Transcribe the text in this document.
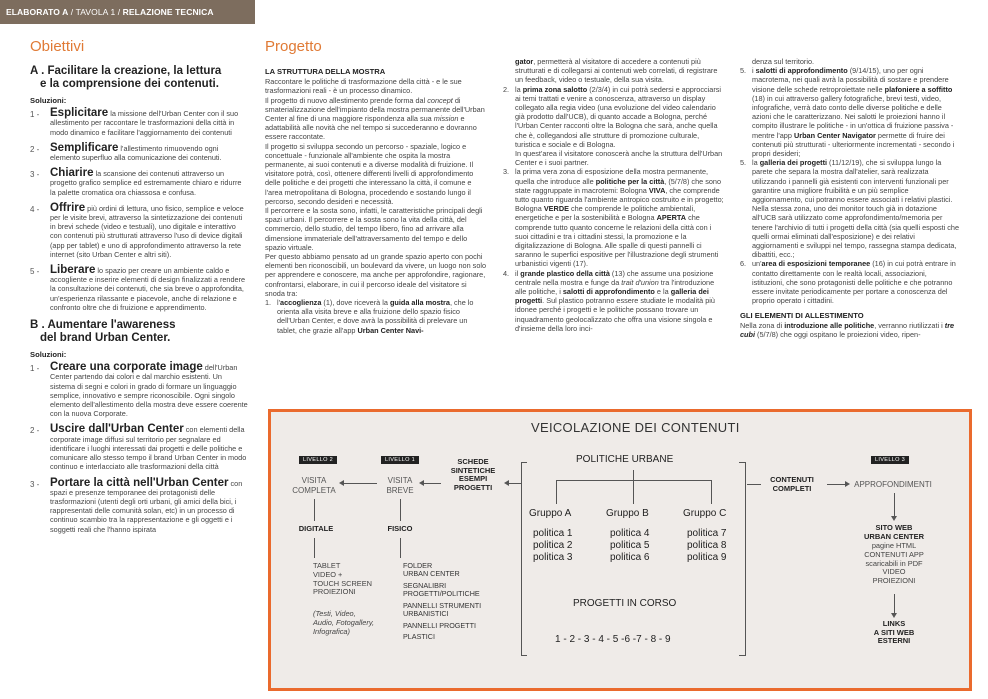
ELABORATO A / TAVOLA 1 / RELAZIONE TECNICA
Obiettivi
A . Facilitare la creazione, la lettura
e la comprensione dei contenuti.
Soluzioni:
1 - Esplicitare la missione dell'Urban Center con il suo allestimento per raccontare le trasformazioni della città in modo dinamico e facilitare l'aggiornamento dei contenuti
2 - Semplificare l'allestimento rimuovendo ogni elemento superfluo alla comunicazione dei contenuti.
3 - Chiarire la scansione dei contenuti attraverso un progetto grafico semplice ed estremamente chiaro e ridurre la palette cromatica ora chiassosa e confusa.
4 - Offrire più ordini di lettura, uno fisico, semplice e veloce per le visite brevi, attraverso la sintetizzazione dei contenuti in brevi schede (video e testuali), uno digitale e interattivo con contenuti più strutturati attraverso l'uso di device digitali (app per tablet) e uno di approfondimento attraverso la rete internet (sito Urban Center e altri siti).
5 - Liberare lo spazio per creare un ambiente caldo e accogliente e inserire elementi di design finalizzati a rendere la consultazione dei contenuti, che sia breve o approfondita, un'esperienza rilassante e piacevole, anche di relazione e confronto oltre che di fruizione e apprendimento.
B . Aumentare l'awareness
del brand Urban Center.
Soluzioni:
1 - Creare una corporate image dell'Urban Center partendo dai colori e dal marchio esistenti. Un sistema di segni e colori in grado di formare un linguaggio semplice, innovativo e sempre riconoscibile. Ogni singolo elemento dell'allestimento della mostra deve essere coerente con la nuova Corporate.
2 - Uscire dall'Urban Center con elementi della corporate image diffusi sul territorio per segnalare ed identificare i luoghi interessati dai progetti e delle politiche e comunicare allo stesso tempo il brand Urban Center in modo continuo e interlacciato alle trasformazioni della città
3 - Portare la città nell'Urban Center con spazi e presenze temporanee dei protagonisti delle trasformazioni (utenti degli orti urbani, gli amici della bici, i rappresentati delle comunità solan, etc) in un processo di continuo scambio tra la rappresentazione e gli oggetti e i soggetti reali che l'hanno ispirata
Progetto
LA STRUTTURA DELLA MOSTRA

Raccontare le politiche di trasformazione della città - e le sue trasformazioni reali - è un processo dinamico.

Il progetto di nuovo allestimento prende forma dal concept di smaterializzazione dell'impianto della mostra permanente dell'Urban Center al fine di una maggiore rispondenza alla sua mission e adattabilità alle novità che nel tempo si succederanno e dovranno essere raccontate.

Il progetto si sviluppa secondo un percorso - spaziale, logico e concettuale - funzionale all'ambiente che ospita la mostra permanente, ai suoi contenuti e a diverse modalità di fruizione. Il visitatore potrà, così, ottenere differenti livelli di approfondimento delle politiche e dei progetti che interessano la città, il comune e l'area metropolitana di Bologna, procedendo e sostando lungo il percorso, secondo desideri e necessità.

Il percorrere e la sosta sono, infatti, le caratteristiche principali degli spazi urbani. Il percorrere e la sosta sono la vita della città, del commercio, dello studio, del tempo libero, fino ad arrivare alla dimensione immateriale dell'attraversamento del tempo e dello spazio virtuale.

Per questo abbiamo pensato ad un grande spazio aperto con pochi elementi ben riconoscibili, un boulevard da vivere, un luogo non solo per apprendere e conoscere, ma anche per approfondire, ragionare, confrontarsi, elaborare, in cui il percorso ideale del visitatore si snoda tra:

1. l'accoglienza (1), dove riceverà la guida alla mostra, che lo orienta alla visita breve e alla fruizione dello spazio fisico dell'Urban Center, e dove avrà la possibilità di prelevare un tablet, che grazie all'app Urban Center Navi-

gator, permetterà al visitatore di accedere a contenuti più strutturati e di collegarsi ai contenuti web correlati, di registrare un feedback, video o testuale, della sua visita.

2. la prima zona salotto (2/3/4) in cui potrà sedersi e approcciarsi ai temi trattati e venire a conoscenza, attraverso un display collegato alla regia video (una evoluzione del video calendario già prodotto dall'UCB), di quanto accade a Bologna, perché l'Urban Center racconti oltre la Bologna che sarà, anche quella che è, collegandosi alle strutture di promozione culturale, turistica e sociale e di Bologna.
In quest'area il visitatore conoscerà anche la struttura dell'Urban Center e i suoi partner.
3. la prima vera zona di esposizione della mostra permanente, quella che introduce alle politiche per la città, (5/7/8) che sono state raggruppate in macrotemi: Bologna VIVA, che comprende tutto quanto riguarda l'ambiente antropico costruito e in progetto; Bologna VERDE che comprende le politiche ambientali, energetiche e per la sostenibilità e Bologna APERTA che comprende tutto quanto concerne le relazioni della città con i suoi cittadini e tra i cittadini stessi, la promozione e la digitalizzazione di Bologna. Alle spalle di questi pannelli ci saranno le superfici espositive per l'illustrazione degli strumenti urbanistici vigenti (17).
4. il grande plastico della città (13) che assume una posizione centrale nella mostra e funge da trait d'union tra l'introduzione alle politiche, i salotti di approfondimento e la galleria dei progetti. Sul plastico potranno essere studiate le modalità più idonee perché i progetti e le politiche possano trovare un inquadramento geolocalizzato che offra una visione singola e d'insieme della loro inci-

denza sul territorio.

5. i salotti di approfondimento (9/14/15), uno per ogni macrotema, nei quali avrà la possibilità di sostare e prendere visione delle schede retroproiettate nelle plafoniere a soffitto (18) in cui attraverso gallery fotografiche, brevi testi, video, infografiche, verrà dato conto delle diverse politiche e delle azioni che le caratterizzano. Nei salotti le proiezioni hanno il compito illustrare le politiche - in un'ottica di fruizione passiva - mentre l'app Urban Center Navigator permette di fruire dei contenuti più strutturati - ulteriormente incrementati - secondo i propri desideri;
5. la galleria dei progetti (11/12/19), che si sviluppa lungo la parete che separa la mostra dall'atelier, sarà realizzata utilizzando i pannelli già esistenti con interventi funzionali per garantire una migliore fruibilità e un più semplice aggiornamento, cui potranno essere associati i relativi plastici. Nella stessa zona, uno dei monitor touch già in dotazione all'UCB sarà utilizzato come approfondimento/memoria per tenere l'archivio di tutti i progetti della città (sia quelli esposti che quelli ormai eliminati dall'esposizione) e dei relativi aggiornamenti e sviluppi nel tempo, rassegna stampa dedicata, dibattiti, ecc.;
6. un'area di esposizioni temporanee (16) in cui potrà entrare in contatto direttamente con le realtà locali, associazioni, istituzioni, che sono protagonisti delle politiche e che potranno essere invitate periodicamente per portare a conoscenza del proprio operato i cittadini.
GLI ELEMENTI DI ALLESTIMENTO

Nella zona di introduzione alle politiche, verranno riutilizzati i tre cubi (5/7/8) che oggi ospitano le proiezioni video, ripen-

VEICOLAZIONE DEI CONTENUTI
LIVELLO 2	LIVELLO 1	LIVELLO 3
VISITA
COMPLETA
VISITA
BREVE
SCHEDE
SINTETICHE
ESEMPI
PROGETTI
DIGITALE	FISICO
TABLET
VIDEO +
TOUCH SCREEN
PROIEZIONI
(Testi, Video,
Audio, Fotogallery,
Infografica)
FOLDER
URBAN CENTER
SEGNALIBRI
PROGETTI/POLITICHE
PANNELLI STRUMENTI
URBANISTICI
PANNELLI PROGETTI
PLASTICI
POLITICHE URBANE
Gruppo A	Gruppo B	Gruppo C
politica 1
politica 2
politica 3
politica 4
politica 5
politica 6
politica 7
politica 8
politica 9
PROGETTI IN CORSO
1 - 2 - 3 - 4 - 5 -6 -7 - 8 - 9
CONTENUTI
COMPLETI	APPROFONDIMENTI
SITO WEB
URBAN CENTER
pagine HTML
CONTENUTI APP
scaricabili in PDF
VIDEO
PROIEZIONI
LINKS
A SITI WEB
ESTERNI
